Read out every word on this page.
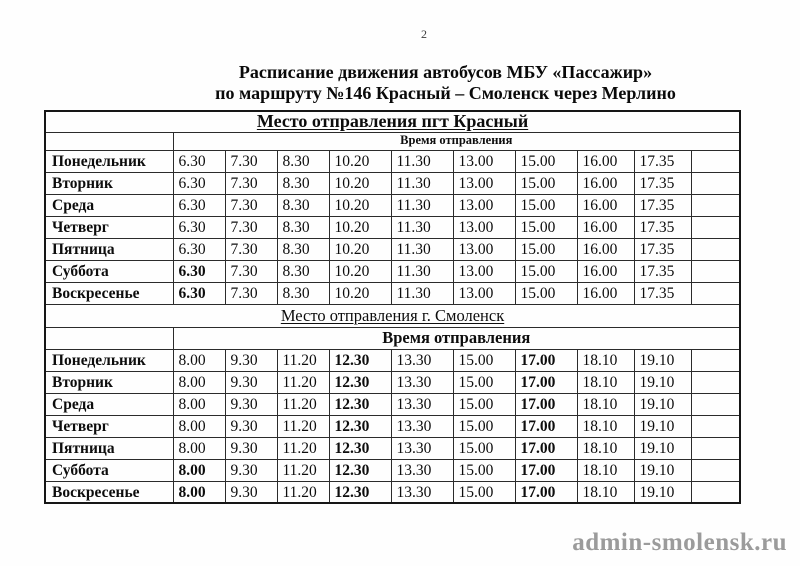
2
Расписание движения автобусов МБУ «Пассажир»
по маршруту №146 Красный – Смоленск через Мерлино
Место отправления пгт Красный										
	Время отправления									
Понедельник	6.30	7.30	8.30	10.20	11.30	13.00	15.00	16.00	17.35	
Вторник	6.30	7.30	8.30	10.20	11.30	13.00	15.00	16.00	17.35	
Среда	6.30	7.30	8.30	10.20	11.30	13.00	15.00	16.00	17.35	
Четверг	6.30	7.30	8.30	10.20	11.30	13.00	15.00	16.00	17.35	
Пятница	6.30	7.30	8.30	10.20	11.30	13.00	15.00	16.00	17.35	
Суббота	6.30	7.30	8.30	10.20	11.30	13.00	15.00	16.00	17.35	
Воскресенье	6.30	7.30	8.30	10.20	11.30	13.00	15.00	16.00	17.35	
Место отправления г. Смоленск										
	Время отправления									
Понедельник	8.00	9.30	11.20	12.30	13.30	15.00	17.00	18.10	19.10	
Вторник	8.00	9.30	11.20	12.30	13.30	15.00	17.00	18.10	19.10	
Среда	8.00	9.30	11.20	12.30	13.30	15.00	17.00	18.10	19.10	
Четверг	8.00	9.30	11.20	12.30	13.30	15.00	17.00	18.10	19.10	
Пятница	8.00	9.30	11.20	12.30	13.30	15.00	17.00	18.10	19.10	
Суббота	8.00	9.30	11.20	12.30	13.30	15.00	17.00	18.10	19.10	
Воскресенье	8.00	9.30	11.20	12.30	13.30	15.00	17.00	18.10	19.10	
admin-smolensk.ru
